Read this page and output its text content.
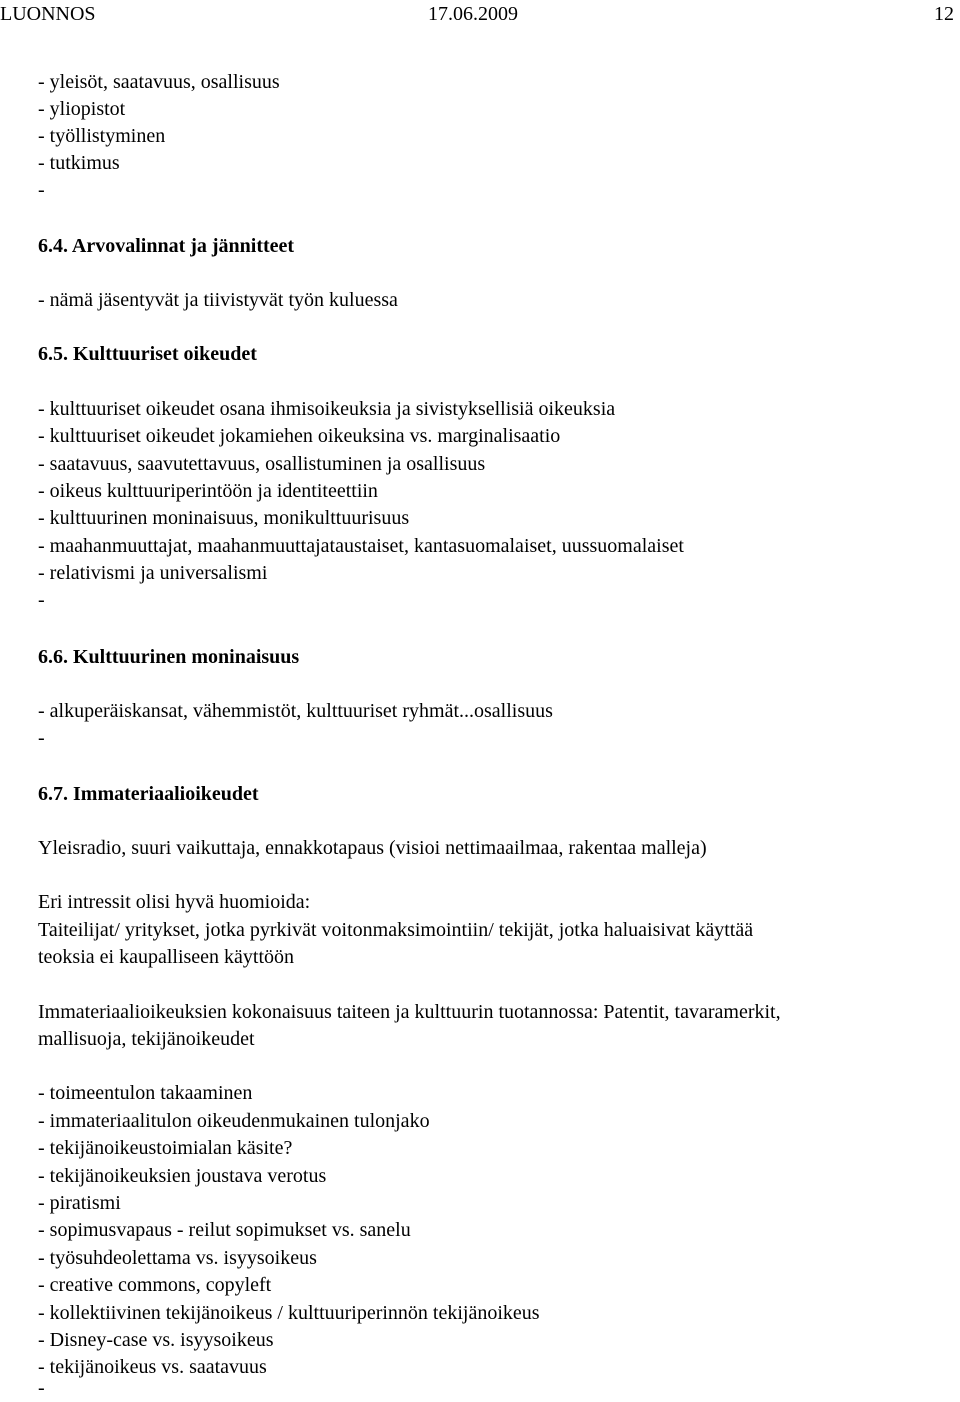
LUONNOS	17.06.2009	12
- yleisöt, saatavuus, osallisuus
- yliopistot
- työllistyminen
- tutkimus
-
6.4. Arvovalinnat ja jännitteet
- nämä jäsentyvät ja tiivistyvät työn kuluessa
6.5. Kulttuuriset oikeudet
- kulttuuriset oikeudet osana ihmisoikeuksia ja sivistyksellisiä oikeuksia
- kulttuuriset oikeudet jokamiehen oikeuksina vs. marginalisaatio
- saatavuus, saavutettavuus, osallistuminen ja osallisuus
- oikeus kulttuuriperintöön ja identiteettiin
- kulttuurinen moninaisuus, monikulttuurisuus
- maahanmuuttajat, maahanmuuttajataustaiset, kantasuomalaiset, uussuomalaiset
- relativismi ja universalismi
-
6.6. Kulttuurinen moninaisuus
- alkuperäiskansat, vähemmistöt, kulttuuriset ryhmät...osallisuus
-
6.7. Immateriaalioikeudet
Yleisradio, suuri vaikuttaja, ennakkotapaus (visioi nettimaailmaa, rakentaa malleja)
Eri intressit olisi hyvä huomioida:
Taiteilijat/ yritykset, jotka pyrkivät voitonmaksimointiin/ tekijät, jotka haluaisivat käyttää
teoksia ei kaupalliseen käyttöön
Immateriaalioikeuksien kokonaisuus taiteen ja kulttuurin tuotannossa: Patentit, tavaramerkit,
mallisuoja, tekijänoikeudet
- toimeentulon takaaminen
- immateriaalitulon oikeudenmukainen tulonjako
- tekijänoikeustoimialan käsite?
- tekijänoikeuksien joustava verotus
- piratismi
- sopimusvapaus - reilut sopimukset vs. sanelu
- työsuhdeolettama vs. isyysoikeus
- creative commons, copyleft
- kollektiivinen tekijänoikeus / kulttuuriperinnön tekijänoikeus
- Disney-case vs. isyysoikeus
- tekijänoikeus vs. saatavuus
-
